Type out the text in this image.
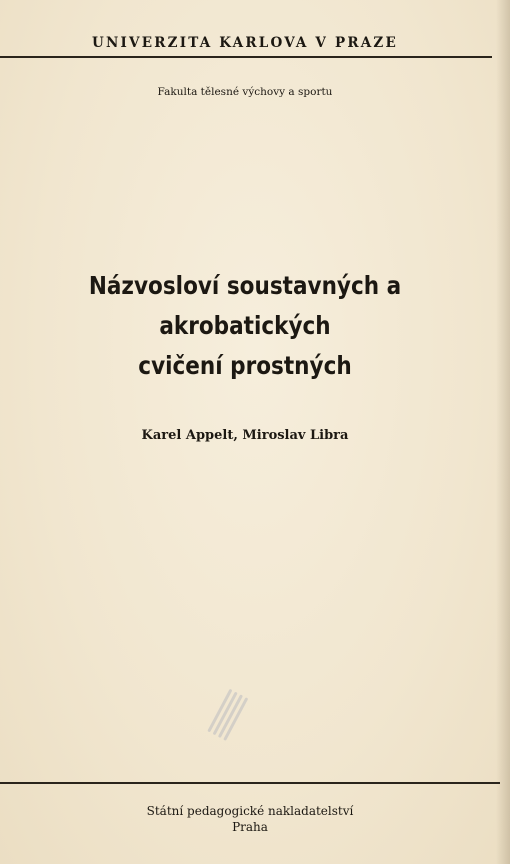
UNIVERZITA KARLOVA V PRAZE
Fakulta tělesné výchovy a sportu
Názvosloví soustavných a akrobatických
cvičení prostných
Karel Appelt, Miroslav Libra
Státní pedagogické nakladatelství
Praha
